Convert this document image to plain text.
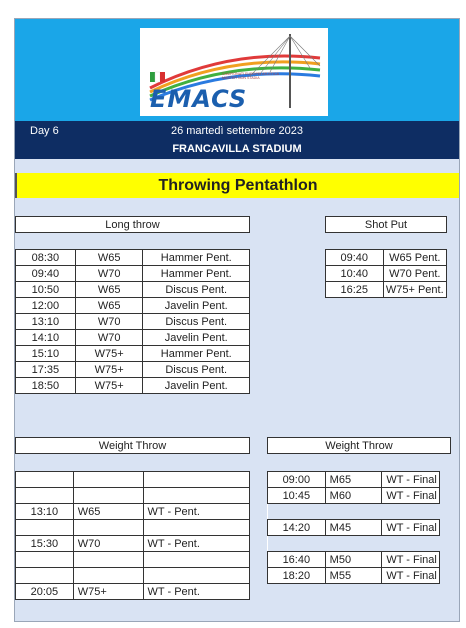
CAMPIONATI EUROPEI ATLETICA MASTER NON STADIA
EMACS
Day 6	26 martedì settembre 2023
FRANCAVILLA STADIUM
Throwing Pentathlon
Long throw
08:30	W65	Hammer Pent.
09:40	W70	Hammer Pent.
10:50	W65	Discus Pent.
12:00	W65	Javelin Pent.
13:10	W70	Discus Pent.
14:10	W70	Javelin Pent.
15:10	W75+	Hammer Pent.
17:35	W75+	Discus Pent.
18:50	W75+	Javelin Pent.
Shot Put
09:40	W65 Pent.
10:40	W70 Pent.
16:25	W75+ Pent.
Weight Throw

13:10	W65	WT - Pent.

15:30	W70	WT - Pent.

20:05	W75+	WT - Pent.
Weight Throw
09:00	M65	WT - Final
10:45	M60	WT - Final

14:20	M45	WT - Final

16:40	M50	WT - Final
18:20	M55	WT - Final
